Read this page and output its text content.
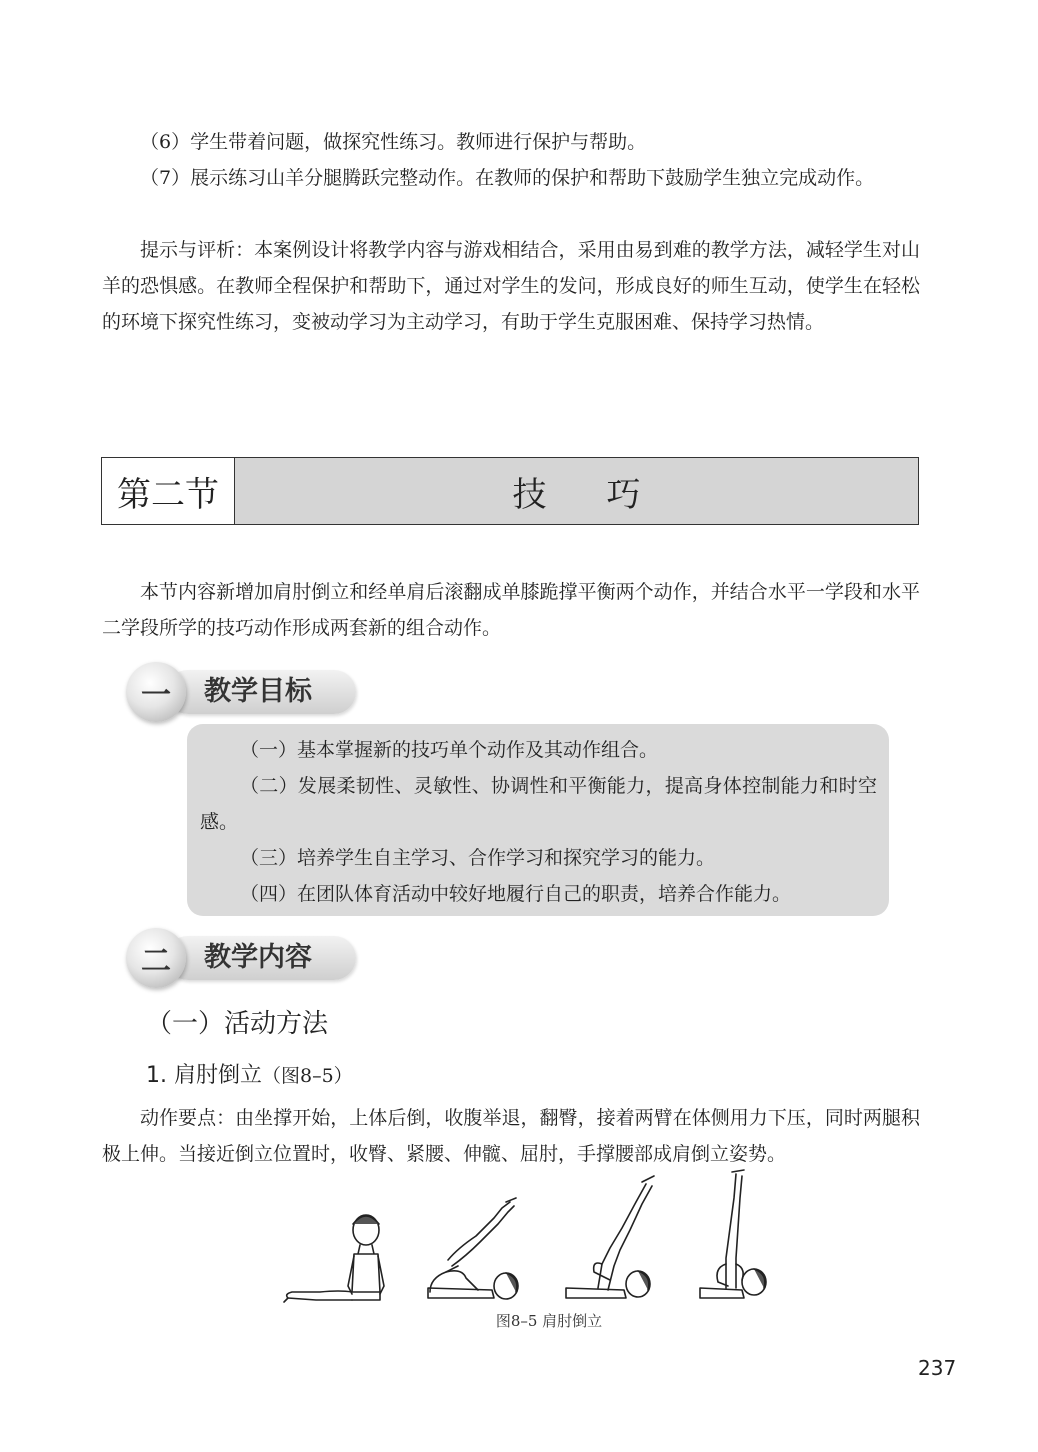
（6）学生带着问题，做探究性练习。教师进行保护与帮助。

（7）展示练习山羊分腿腾跃完整动作。在教师的保护和帮助下鼓励学生独立完成动作。

提示与评析：本案例设计将教学内容与游戏相结合，采用由易到难的教学方法，减轻学生对山羊的恐惧感。在教师全程保护和帮助下，通过对学生的发问，形成良好的师生互动，使学生在轻松的环境下探究性练习，变被动学习为主动学习，有助于学生克服困难、保持学习热情。

第二节	技巧

本节内容新增加肩肘倒立和经单肩后滚翻成单膝跪撑平衡两个动作，并结合水平一学段和水平二学段所学的技巧动作形成两套新的组合动作。

教学目标
一

（一）基本掌握新的技巧单个动作及其动作组合。

（二）发展柔韧性、灵敏性、协调性和平衡能力，提高身体控制能力和时空感。

（三）培养学生自主学习、合作学习和探究学习的能力。

（四）在团队体育活动中较好地履行自己的职责，培养合作能力。

教学内容
二
（一）活动方法
1. 肩肘倒立（图8–5）

动作要点：由坐撑开始，上体后倒，收腹举退，翻臀，接着两臂在体侧用力下压，同时两腿积极上伸。当接近倒立位置时，收臀、紧腰、伸髋、屈肘，手撑腰部成肩倒立姿势。

图8–5 肩肘倒立
237
